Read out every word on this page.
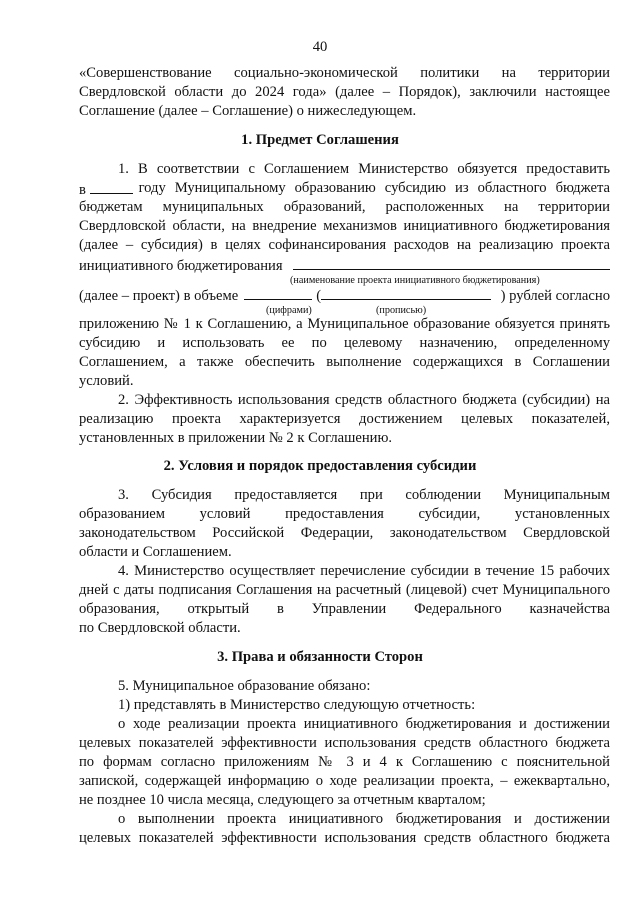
40
«Совершенствование социально-экономической политики на территории
Свердловской области до 2024 года» (далее – Порядок), заключили настоящее
Соглашение (далее – Соглашение) о нижеследующем.
1. Предмет Соглашения
1. В соответствии с Соглашением Министерство обязуется предоставить
в	году Муниципальному образованию субсидию из областного бюджета
бюджетам муниципальных образований, расположенных на территории
Свердловской области, на внедрение механизмов инициативного бюджетирования
(далее – субсидия) в целях софинансирования расходов на реализацию проекта
инициативного бюджетирования
(наименование проекта инициативного бюджетирования)
(далее – проект) в объеме	(	) рублей согласно
(цифрами)	(прописью)
приложению № 1 к Соглашению, а Муниципальное образование обязуется принять
субсидию и использовать ее по целевому назначению, определенному
Соглашением, а также обеспечить выполнение содержащихся в Соглашении
условий.
2. Эффективность использования средств областного бюджета (субсидии) на
реализацию проекта характеризуется достижением целевых показателей,
установленных в приложении № 2 к Соглашению.
2. Условия и порядок предоставления субсидии
3. Субсидия предоставляется при соблюдении Муниципальным
образованием условий предоставления субсидии, установленных
законодательством Российской Федерации, законодательством Свердловской
области и Соглашением.
4. Министерство осуществляет перечисление субсидии в течение 15 рабочих
дней с даты подписания Соглашения на расчетный (лицевой) счет Муниципального
образования, открытый в Управлении Федерального казначейства
по Свердловской области.
3. Права и обязанности Сторон
5. Муниципальное образование обязано:
1) представлять в Министерство следующую отчетность:
о ходе реализации проекта инициативного бюджетирования и достижении
целевых показателей эффективности использования средств областного бюджета
по формам согласно приложениям № 3 и 4 к Соглашению с пояснительной
запиской, содержащей информацию о ходе реализации проекта, – ежеквартально,
не позднее 10 числа месяца, следующего за отчетным кварталом;
о выполнении проекта инициативного бюджетирования и достижении
целевых показателей эффективности использования средств областного бюджета
